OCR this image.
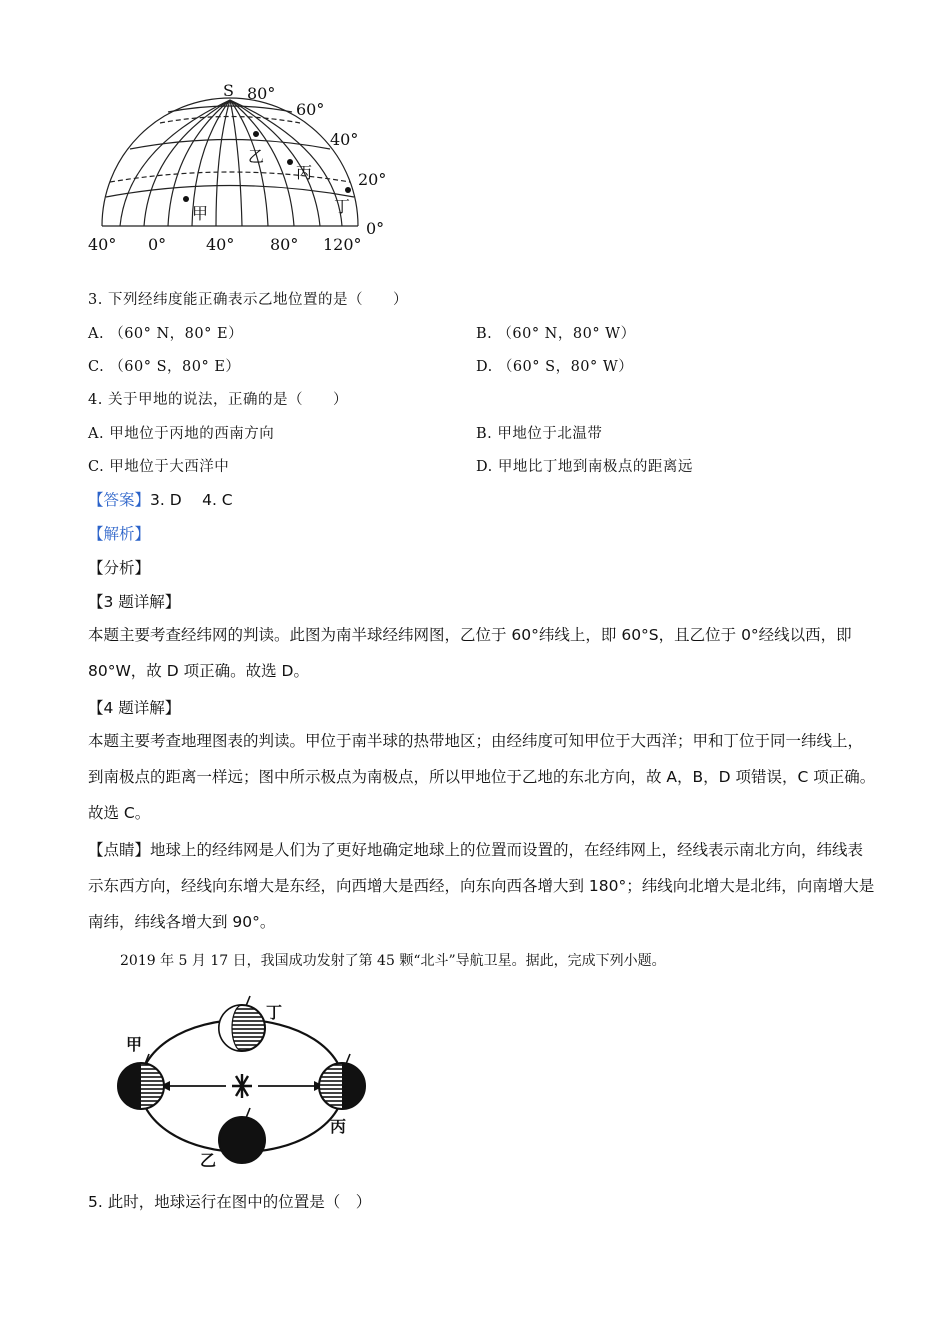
S 80°
60°
40°
20°
0°
40° 0° 40° 80° 120°
甲
乙
丙
丁
3. 下列经纬度能正确表示乙地位置的是（　　）
A. （60° N，80° E）	B. （60° N，80° W）
C. （60° S，80° E）	D. （60° S，80° W）
4. 关于甲地的说法，正确的是（　　）
A. 甲地位于丙地的西南方向	B. 甲地位于北温带
C. 甲地位于大西洋中	D. 甲地比丁地到南极点的距离远
【答案】3. D　 4. C
【解析】
【分析】
【3 题详解】
本题主要考查经纬网的判读。此图为南半球经纬网图，乙位于 60°纬线上，即 60°S，且乙位于 0°经线以西，即 80°W，故 D 项正确。故选 D。
【4 题详解】
本题主要考查地理图表的判读。甲位于南半球的热带地区；由经纬度可知甲位于大西洋；甲和丁位于同一纬线上，到南极点的距离一样远；图中所示极点为南极点，所以甲地位于乙地的东北方向，故 A，B，D 项错误，C 项正确。故选 C。
【点睛】地球上的经纬网是人们为了更好地确定地球上的位置而设置的，在经纬网上，经线表示南北方向，纬线表示东西方向，经线向东增大是东经，向西增大是西经，向东向西各增大到 180°；纬线向北增大是北纬，向南增大是南纬，纬线各增大到 90°。
2019 年 5 月 17 日，我国成功发射了第 45 颗“北斗”导航卫星。据此，完成下列小题。
甲
乙
丙
丁
5. 此时，地球运行在图中的位置是（　）
